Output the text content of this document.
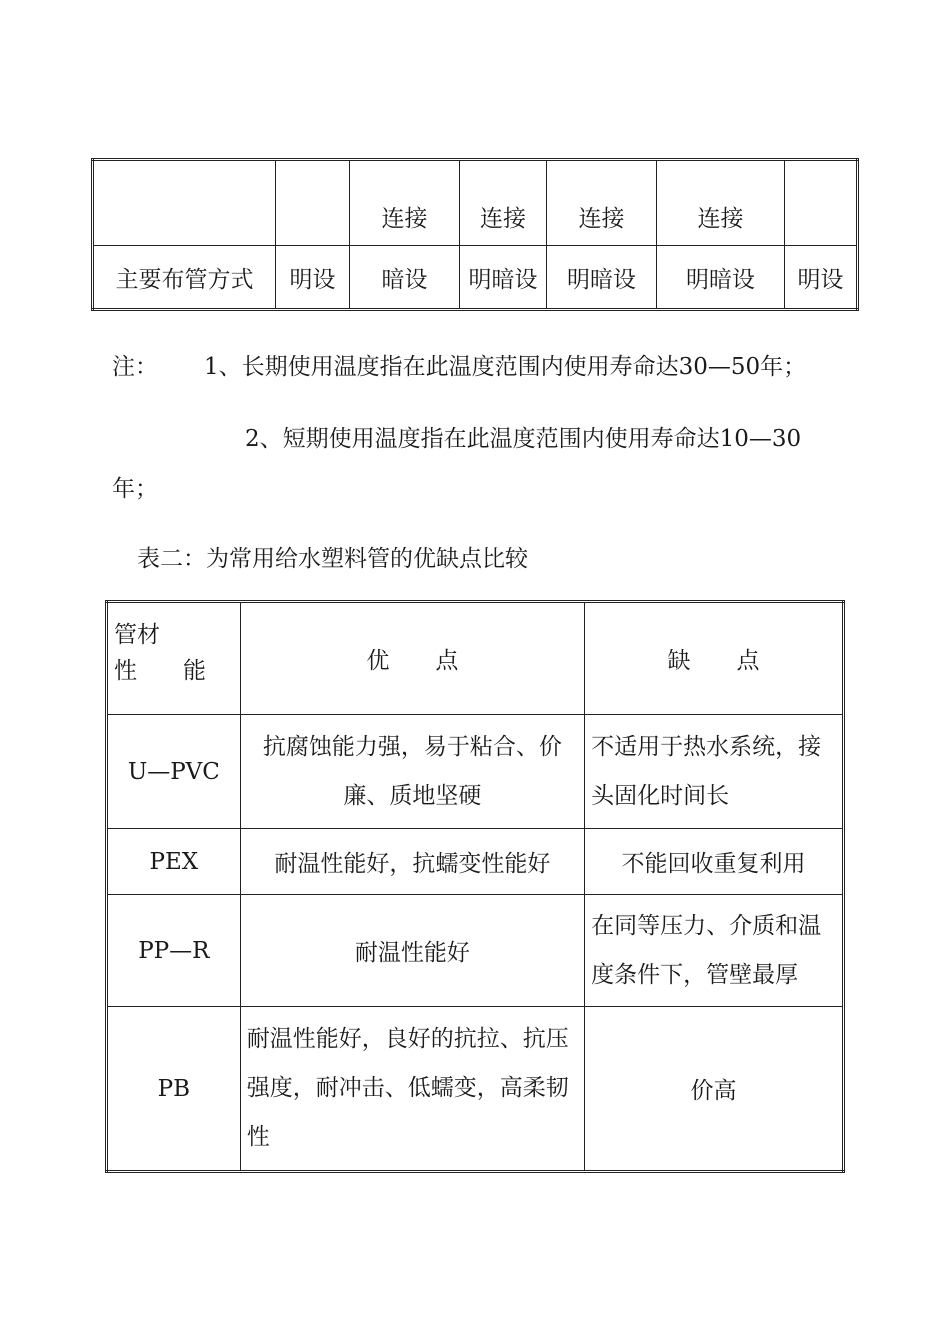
		连接	连接	连接	连接	
主要布管方式	明设	暗设	明暗设	明暗设	明暗设	明设
注： 1、长期使用温度指在此温度范围内使用寿命达30—50年；
2、短期使用温度指在此温度范围内使用寿命达10—30
年；
表二：为常用给水塑料管的优缺点比较
管材
性　　能	优　　点	缺　　点
U—PVC	抗腐蚀能力强，易于粘合、价廉、质地坚硬	不适用于热水系统，接头固化时间长
PEX	耐温性能好，抗蠕变性能好	不能回收重复利用
PP—R	耐温性能好	在同等压力、介质和温度条件下，管壁最厚
PB	耐温性能好，良好的抗拉、抗压强度，耐冲击、低蠕变，高柔韧性	价高
